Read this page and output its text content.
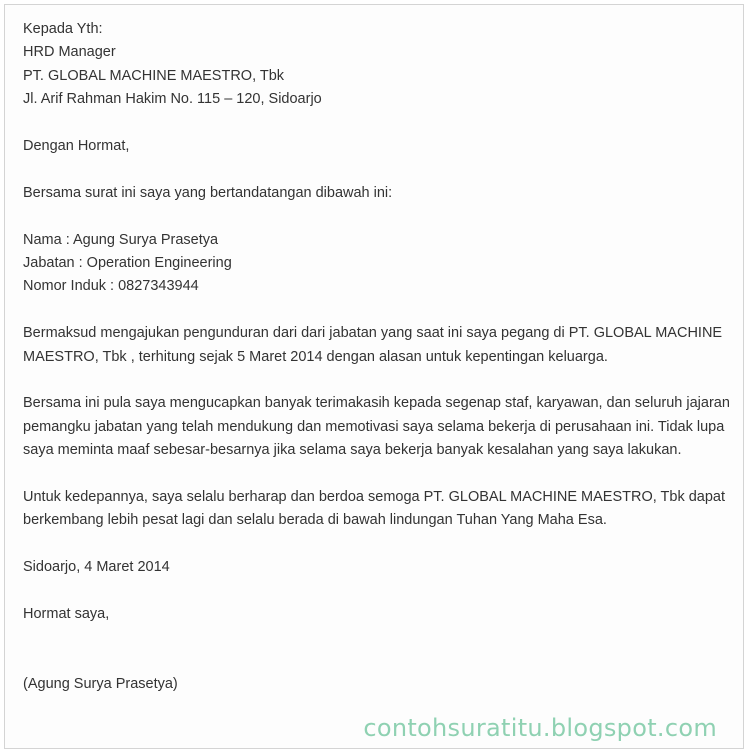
Kepada Yth:

HRD Manager

PT. GLOBAL MACHINE MAESTRO, Tbk

Jl. Arif Rahman Hakim No. 115 – 120, Sidoarjo

Dengan Hormat,

Bersama surat ini saya yang bertandatangan dibawah ini:

Nama : Agung Surya Prasetya

Jabatan : Operation Engineering

Nomor Induk : 0827343944

Bermaksud mengajukan pengunduran dari dari jabatan yang saat ini saya pegang di PT. GLOBAL MACHINE MAESTRO, Tbk , terhitung sejak 5 Maret 2014 dengan alasan untuk kepentingan keluarga.

Bersama ini pula saya mengucapkan banyak terimakasih kepada segenap staf, karyawan, dan seluruh jajaran pemangku jabatan yang telah mendukung dan memotivasi saya selama bekerja di perusahaan ini. Tidak lupa saya meminta maaf sebesar-besarnya jika selama saya bekerja banyak kesalahan yang saya lakukan.

Untuk kedepannya, saya selalu berharap dan berdoa semoga PT. GLOBAL MACHINE MAESTRO, Tbk dapat berkembang lebih pesat lagi dan selalu berada di bawah lindungan Tuhan Yang Maha Esa.

Sidoarjo, 4 Maret 2014

Hormat saya,

(Agung Surya Prasetya)

contohsuratitu.blogspot.com
